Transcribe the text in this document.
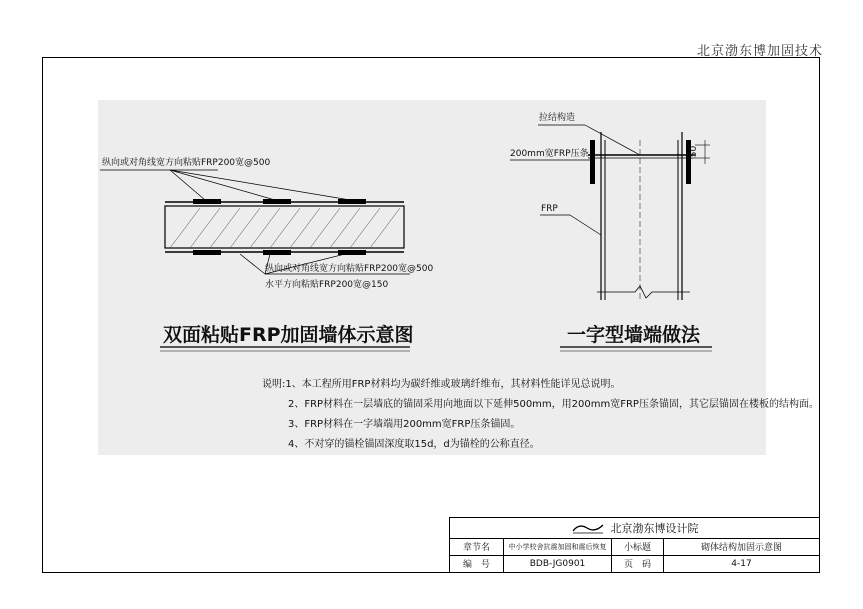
北京渤东博加固技术
纵向或对角线宽方向粘贴FRP200宽@500
纵向或对角线宽方向粘贴FRP200宽@500
水平方向粘贴FRP200宽@150
双面粘贴FRP加固墙体示意图
拉结构造
200mm宽FRP压条
FRP
50
一字型墙端做法
说明:1、本工程所用FRP材料均为碳纤维或玻璃纤维布，其材料性能详见总说明。
2、FRP材料在一层墙底的锚固采用向地面以下延伸500mm，用200mm宽FRP压条锚固，其它层锚固在楼板的结构面。
3、FRP材料在一字墙端用200mm宽FRP压条锚固。
4、不对穿的锚栓锚固深度取15d，d为锚栓的公称直径。
北京渤东博设计院
章节名	中小学校舍抗震加固和震后恢复	小标题	砌体结构加固示意图
编　号	BDB-JG0901	页　码	4-17
